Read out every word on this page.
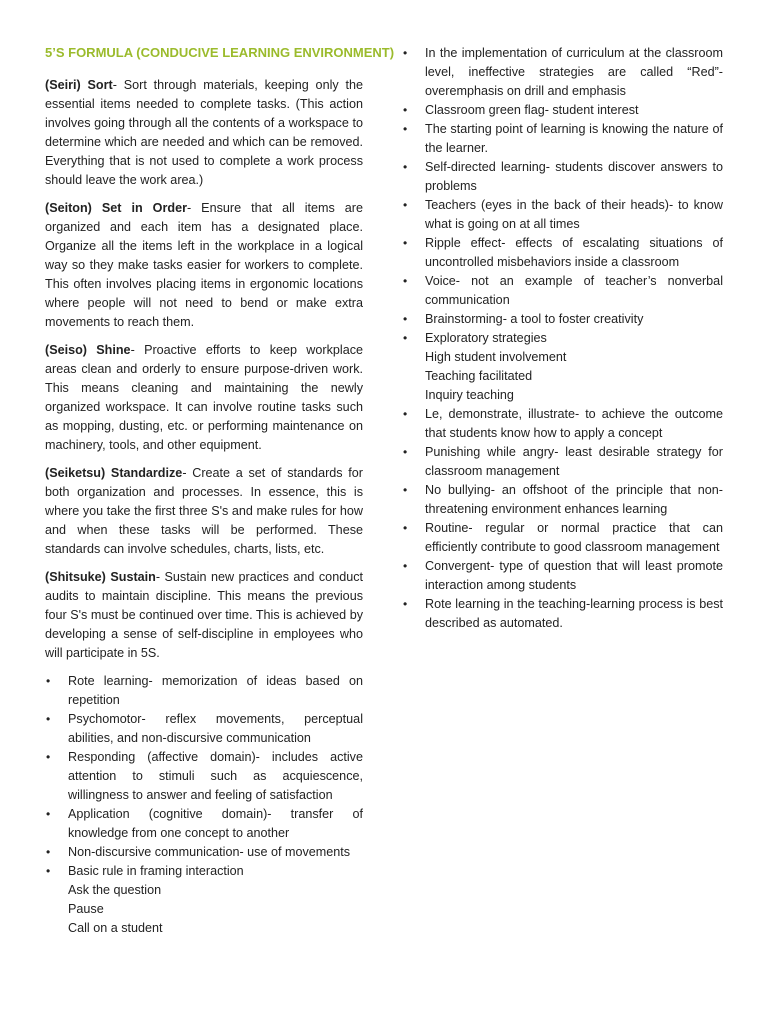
5’S FORMULA (CONDUCIVE LEARNING ENVIRONMENT)

(Seiri) Sort- Sort through materials, keeping only the essential items needed to complete tasks. (This action involves going through all the contents of a workspace to determine which are needed and which can be removed. Everything that is not used to complete a work process should leave the work area.)

(Seiton) Set in Order- Ensure that all items are organized and each item has a designated place. Organize all the items left in the workplace in a logical way so they make tasks easier for workers to complete. This often involves placing items in ergonomic locations where people will not need to bend or make extra movements to reach them.

(Seiso) Shine- Proactive efforts to keep workplace areas clean and orderly to ensure purpose-driven work. This means cleaning and maintaining the newly organized workspace. It can involve routine tasks such as mopping, dusting, etc. or performing maintenance on machinery, tools, and other equipment.

(Seiketsu) Standardize- Create a set of standards for both organization and processes. In essence, this is where you take the first three S's and make rules for how and when these tasks will be performed. These standards can involve schedules, charts, lists, etc.

(Shitsuke) Sustain- Sustain new practices and conduct audits to maintain discipline. This means the previous four S's must be continued over time. This is achieved by developing a sense of self-discipline in employees who will participate in 5S.

• Rote learning- memorization of ideas based on repetition
• Psychomotor- reflex movements, perceptual abilities, and non-discursive communication
• Responding (affective domain)- includes active attention to stimuli such as acquiescence, willingness to answer and feeling of satisfaction
• Application (cognitive domain)- transfer of knowledge from one concept to another
• Non-discursive communication- use of movements
• Basic rule in framing interaction
Ask the question
Pause
Call on a student
• In the implementation of curriculum at the classroom level, ineffective strategies are called “Red”- overemphasis on drill and emphasis
• Classroom green flag- student interest
• The starting point of learning is knowing the nature of the learner.
• Self-directed learning- students discover answers to problems
• Teachers (eyes in the back of their heads)- to know what is going on at all times
• Ripple effect- effects of escalating situations of uncontrolled misbehaviors inside a classroom
• Voice- not an example of teacher’s nonverbal communication
• Brainstorming- a tool to foster creativity
• Exploratory strategies
High student involvement
Teaching facilitated
Inquiry teaching
• Le, demonstrate, illustrate- to achieve the outcome that students know how to apply a concept
• Punishing while angry- least desirable strategy for classroom management
• No bullying- an offshoot of the principle that non-threatening environment enhances learning
• Routine- regular or normal practice that can efficiently contribute to good classroom management
• Convergent- type of question that will least promote interaction among students
• Rote learning in the teaching-learning process is best described as automated.
